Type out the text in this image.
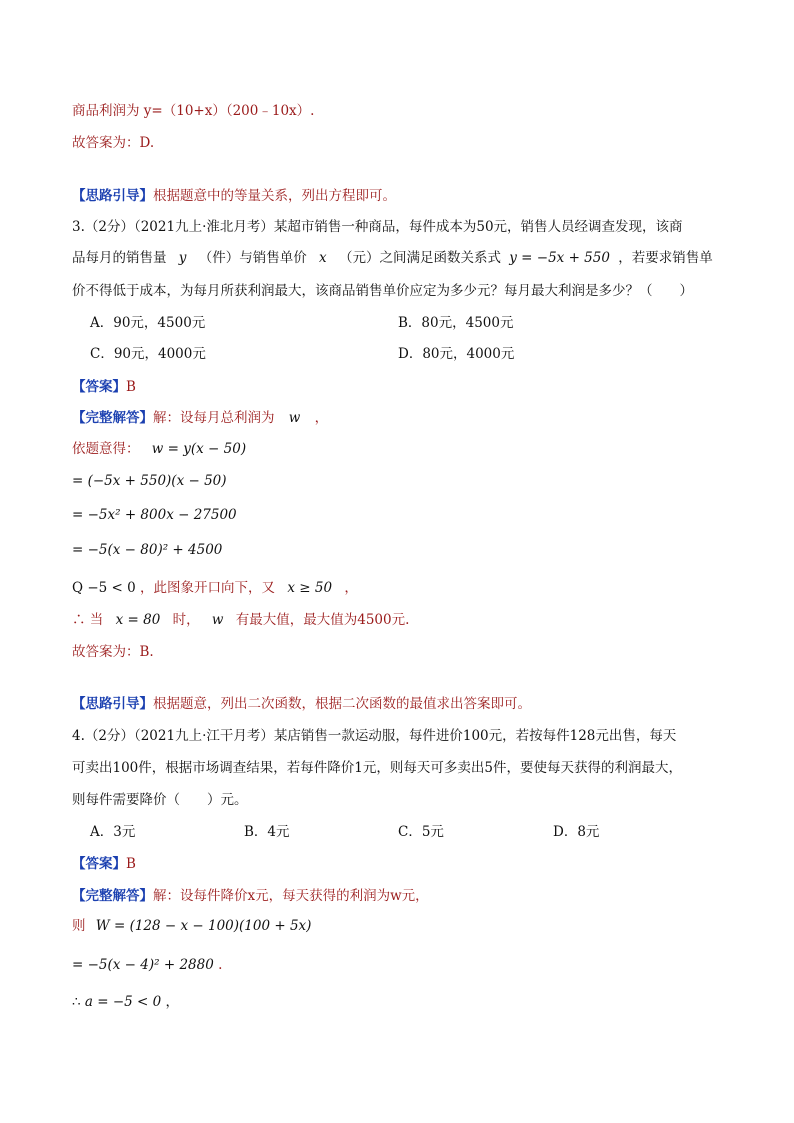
商品利润为 y=（10+x）（200﹣10x）.
故答案为：D.
【思路引导】根据题意中的等量关系，列出方程即可。
3.（2分）（2021九上·淮北月考）某超市销售一种商品，每件成本为50元，销售人员经调查发现，该商
品每月的销售量 y （件）与销售单价 x （元）之间满足函数关系式 y = −5x + 550 ，若要求销售单
价不得低于成本，为每月所获利润最大，该商品销售单价应定为多少元？每月最大利润是多少？（　　）
A．90元，4500元	B．80元，4500元
C．90元，4000元	D．80元，4000元
【答案】B
【完整解答】解：设每月总利润为 w ，
依题意得： w = y(x − 50)
= (−5x + 550)(x − 50)
= −5x² + 800x − 27500
= −5(x − 80)² + 4500
Q −5 < 0 ，此图象开口向下，又 x ≥ 50 ，
∴ 当 x = 80 时， w 有最大值，最大值为4500元.
故答案为：B.
【思路引导】根据题意，列出二次函数，根据二次函数的最值求出答案即可。
4.（2分）（2021九上·江干月考）某店销售一款运动服，每件进价100元，若按每件128元出售，每天
可卖出100件，根据市场调查结果，若每件降价1元，则每天可多卖出5件，要使每天获得的利润最大，
则每件需要降价（　　）元。
A．3元	B．4元	C．5元	D．8元
【答案】B
【完整解答】解：设每件降价x元，每天获得的利润为w元，
则 W = (128 − x − 100)(100 + 5x)
= −5(x − 4)² + 2880 .
∴ a = −5 < 0 ，
